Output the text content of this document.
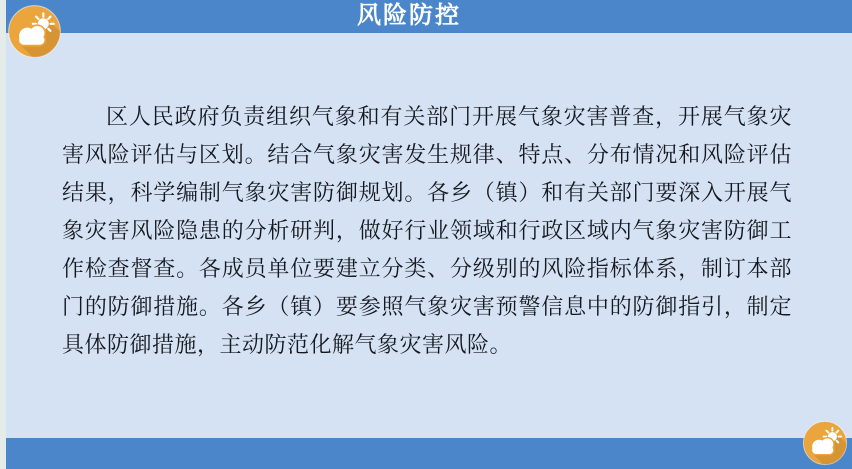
风险防控

区人民政府负责组织气象和有关部门开展气象灾害普查，开展气象灾害风险评估与区划。结合气象灾害发生规律、特点、分布情况和风险评估结果，科学编制气象灾害防御规划。各乡（镇）和有关部门要深入开展气象灾害风险隐患的分析研判，做好行业领域和行政区域内气象灾害防御工作检查督查。各成员单位要建立分类、分级别的风险指标体系，制订本部门的防御措施。各乡（镇）要参照气象灾害预警信息中的防御指引，制定具体防御措施，主动防范化解气象灾害风险。
